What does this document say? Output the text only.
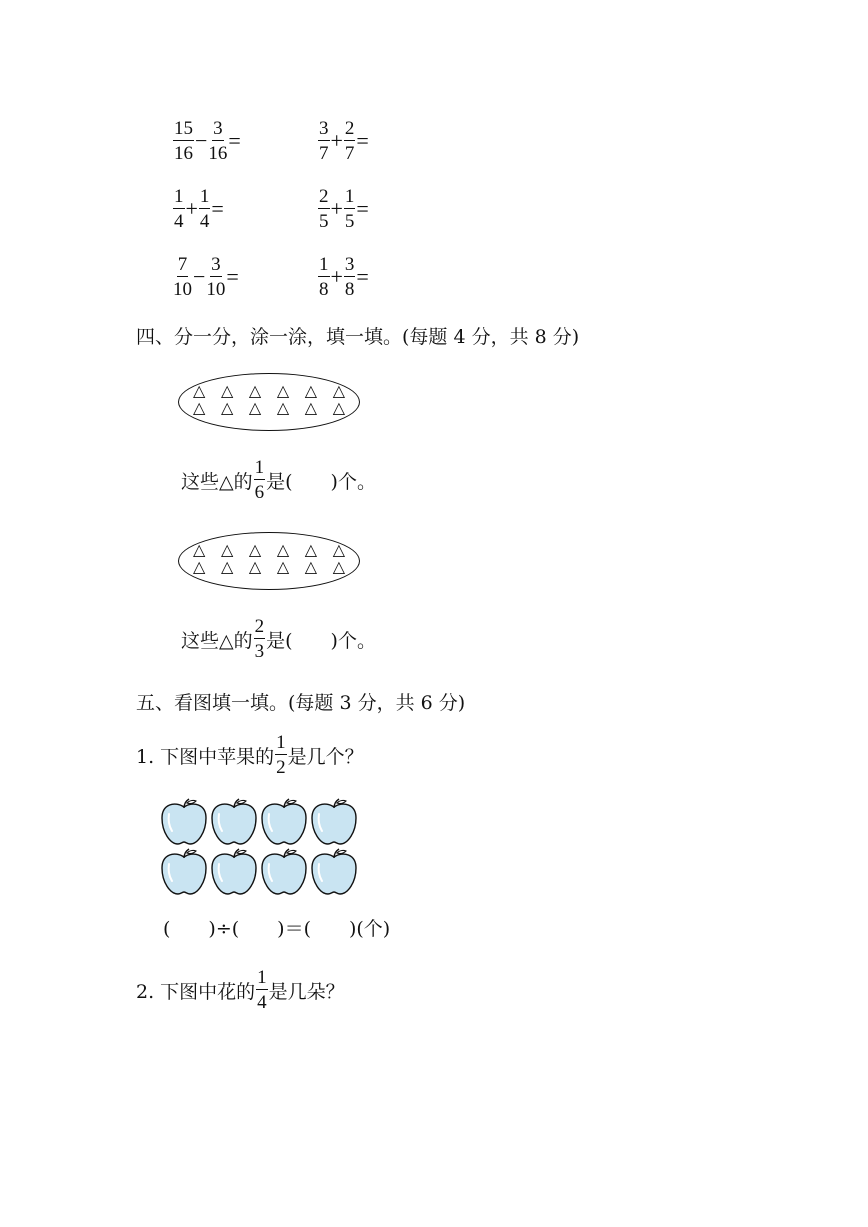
$\frac{15}{16} - \frac{3}{16}$ =	$\frac{3}{7} + \frac{2}{7}$ =
$\frac{1}{4} + \frac{1}{4}$ =	$\frac{2}{5} + \frac{1}{5}$ =
$\frac{7}{10} - \frac{3}{10}$ =	$\frac{1}{8} + \frac{3}{8}$ =
四、分一分，涂一涂，填一填。(每题 4 分，共 8 分)
△ △ △ △ △ △
△ △ △ △ △ △
这些△的 $\frac{1}{6}$ 是(　　)个。
△ △ △ △ △ △
△ △ △ △ △ △
这些△的 $\frac{2}{3}$ 是(　　)个。
五、看图填一填。(每题 3 分，共 6 分)
1. 下图中苹果的 $\frac{1}{2}$ 是几个？
(　　)÷(　　)＝(　　)(个)
2. 下图中花的 $\frac{1}{4}$ 是几朵？
